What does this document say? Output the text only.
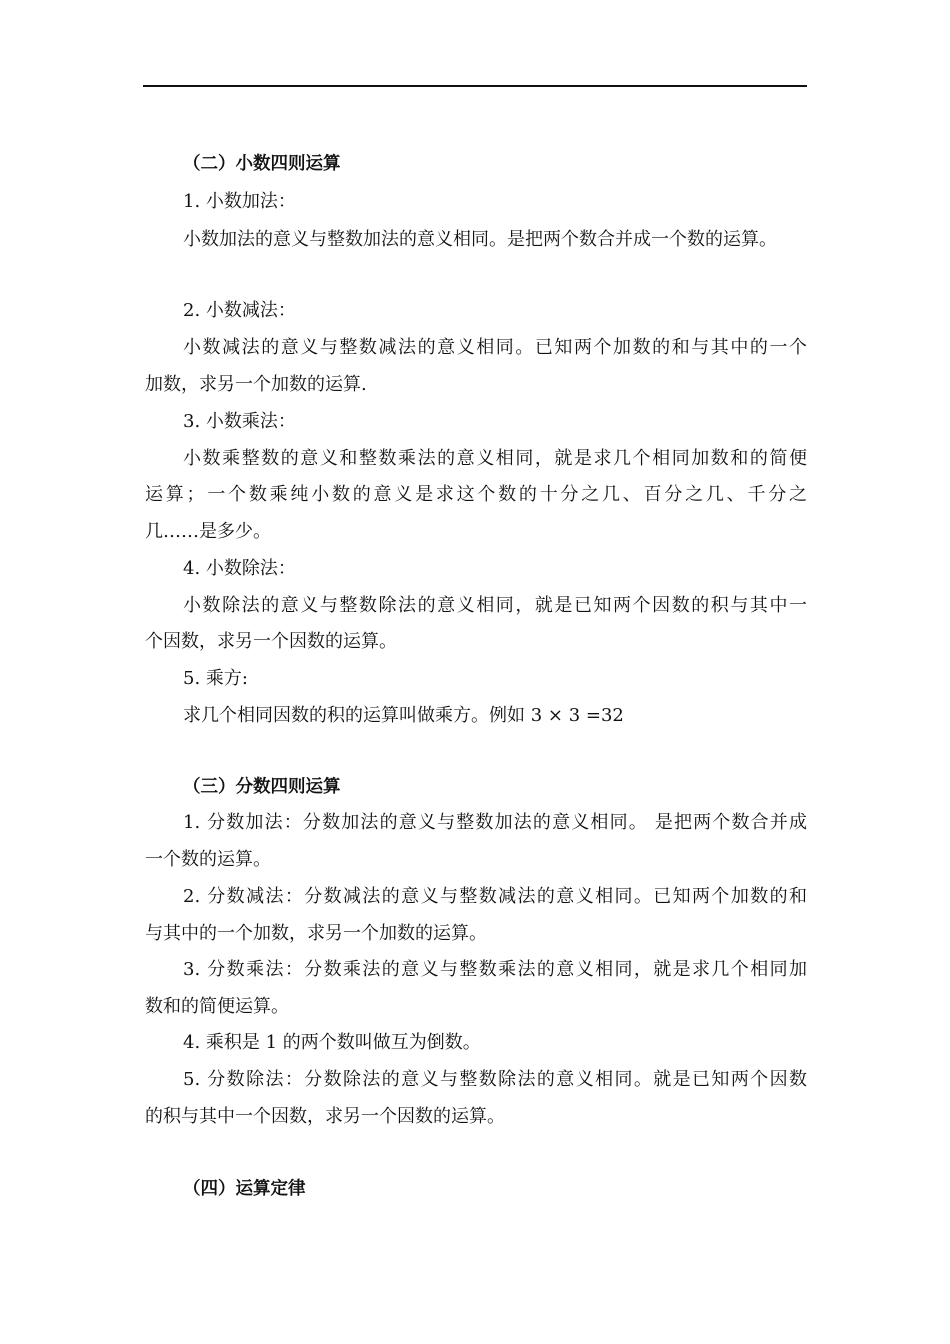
（二）小数四则运算
1. 小数加法：
小数加法的意义与整数加法的意义相同。是把两个数合并成一个数的运算。
2. 小数减法：
小数减法的意义与整数减法的意义相同。已知两个加数的和与其中的一个
加数，求另一个加数的运算.
3. 小数乘法：
小数乘整数的意义和整数乘法的意义相同，就是求几个相同加数和的简便
运算；一个数乘纯小数的意义是求这个数的十分之几、百分之几、千分之
几……是多少。
4. 小数除法：
小数除法的意义与整数除法的意义相同，就是已知两个因数的积与其中一
个因数，求另一个因数的运算。
5. 乘方:
求几个相同因数的积的运算叫做乘方。例如 3 × 3 =32
（三）分数四则运算
1. 分数加法：分数加法的意义与整数加法的意义相同。 是把两个数合并成
一个数的运算。
2. 分数减法：分数减法的意义与整数减法的意义相同。已知两个加数的和
与其中的一个加数，求另一个加数的运算。
3. 分数乘法：分数乘法的意义与整数乘法的意义相同，就是求几个相同加
数和的简便运算。
4. 乘积是 1 的两个数叫做互为倒数。
5. 分数除法：分数除法的意义与整数除法的意义相同。就是已知两个因数
的积与其中一个因数，求另一个因数的运算。
（四）运算定律
